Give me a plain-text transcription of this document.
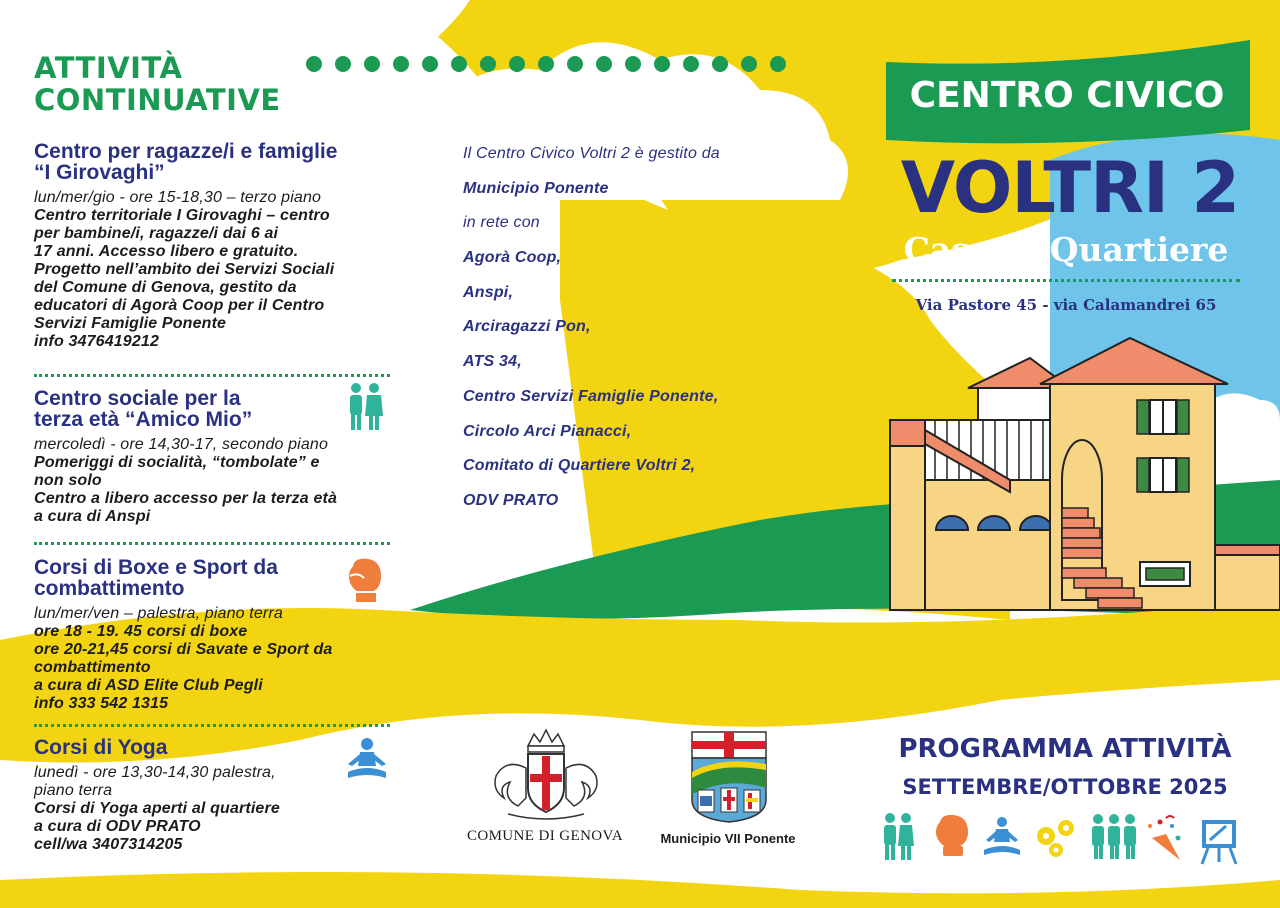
ATTIVITÀ
CONTINUATIVE
Centro per ragazze/i e famiglie
“I Girovaghi”

lun/mer/gio - ore 15-18,30 – terzo piano

Centro territoriale I Girovaghi – centro

per bambine/i, ragazze/i dai 6 ai

17 anni. Accesso libero e gratuito.

Progetto nell’ambito dei Servizi Sociali

del Comune di Genova, gestito da

educatori di Agorà Coop per il Centro

Servizi Famiglie Ponente

info 3476419212

Centro sociale per la
terza età “Amico Mio”

mercoledì - ore 14,30-17, secondo piano

Pomeriggi di socialità, “tombolate” e

non solo

Centro a libero accesso per la terza età

a cura di Anspi

Corsi di Boxe e Sport da
combattimento

lun/mer/ven – palestra, piano terra

ore 18 - 19. 45 corsi di boxe

ore 20-21,45 corsi di Savate e Sport da

combattimento

a cura di ASD Elite Club Pegli

info 333 542 1315

Corsi di Yoga

lunedì - ore 13,30-14,30 palestra,

piano terra

Corsi di Yoga aperti al quartiere

a cura di ODV PRATO

cell/wa 3407314205

Il Centro Civico Voltri 2 è gestito da
Municipio Ponente
in rete con
Agorà Coop,
Anspi,
Arciragazzi Pon,
ATS 34,
Centro Servizi Famiglie Ponente,
Circolo Arci Pianacci,
Comitato di Quartiere Voltri 2,
ODV PRATO
COMUNE DI GENOVA	Municipio VII Ponente
CENTRO CIVICO
VOLTRI 2
Casa di Quartiere
Via Pastore 45 - via Calamandrei 65
PROGRAMMA ATTIVITÀ
SETTEMBRE/OTTOBRE 2025
